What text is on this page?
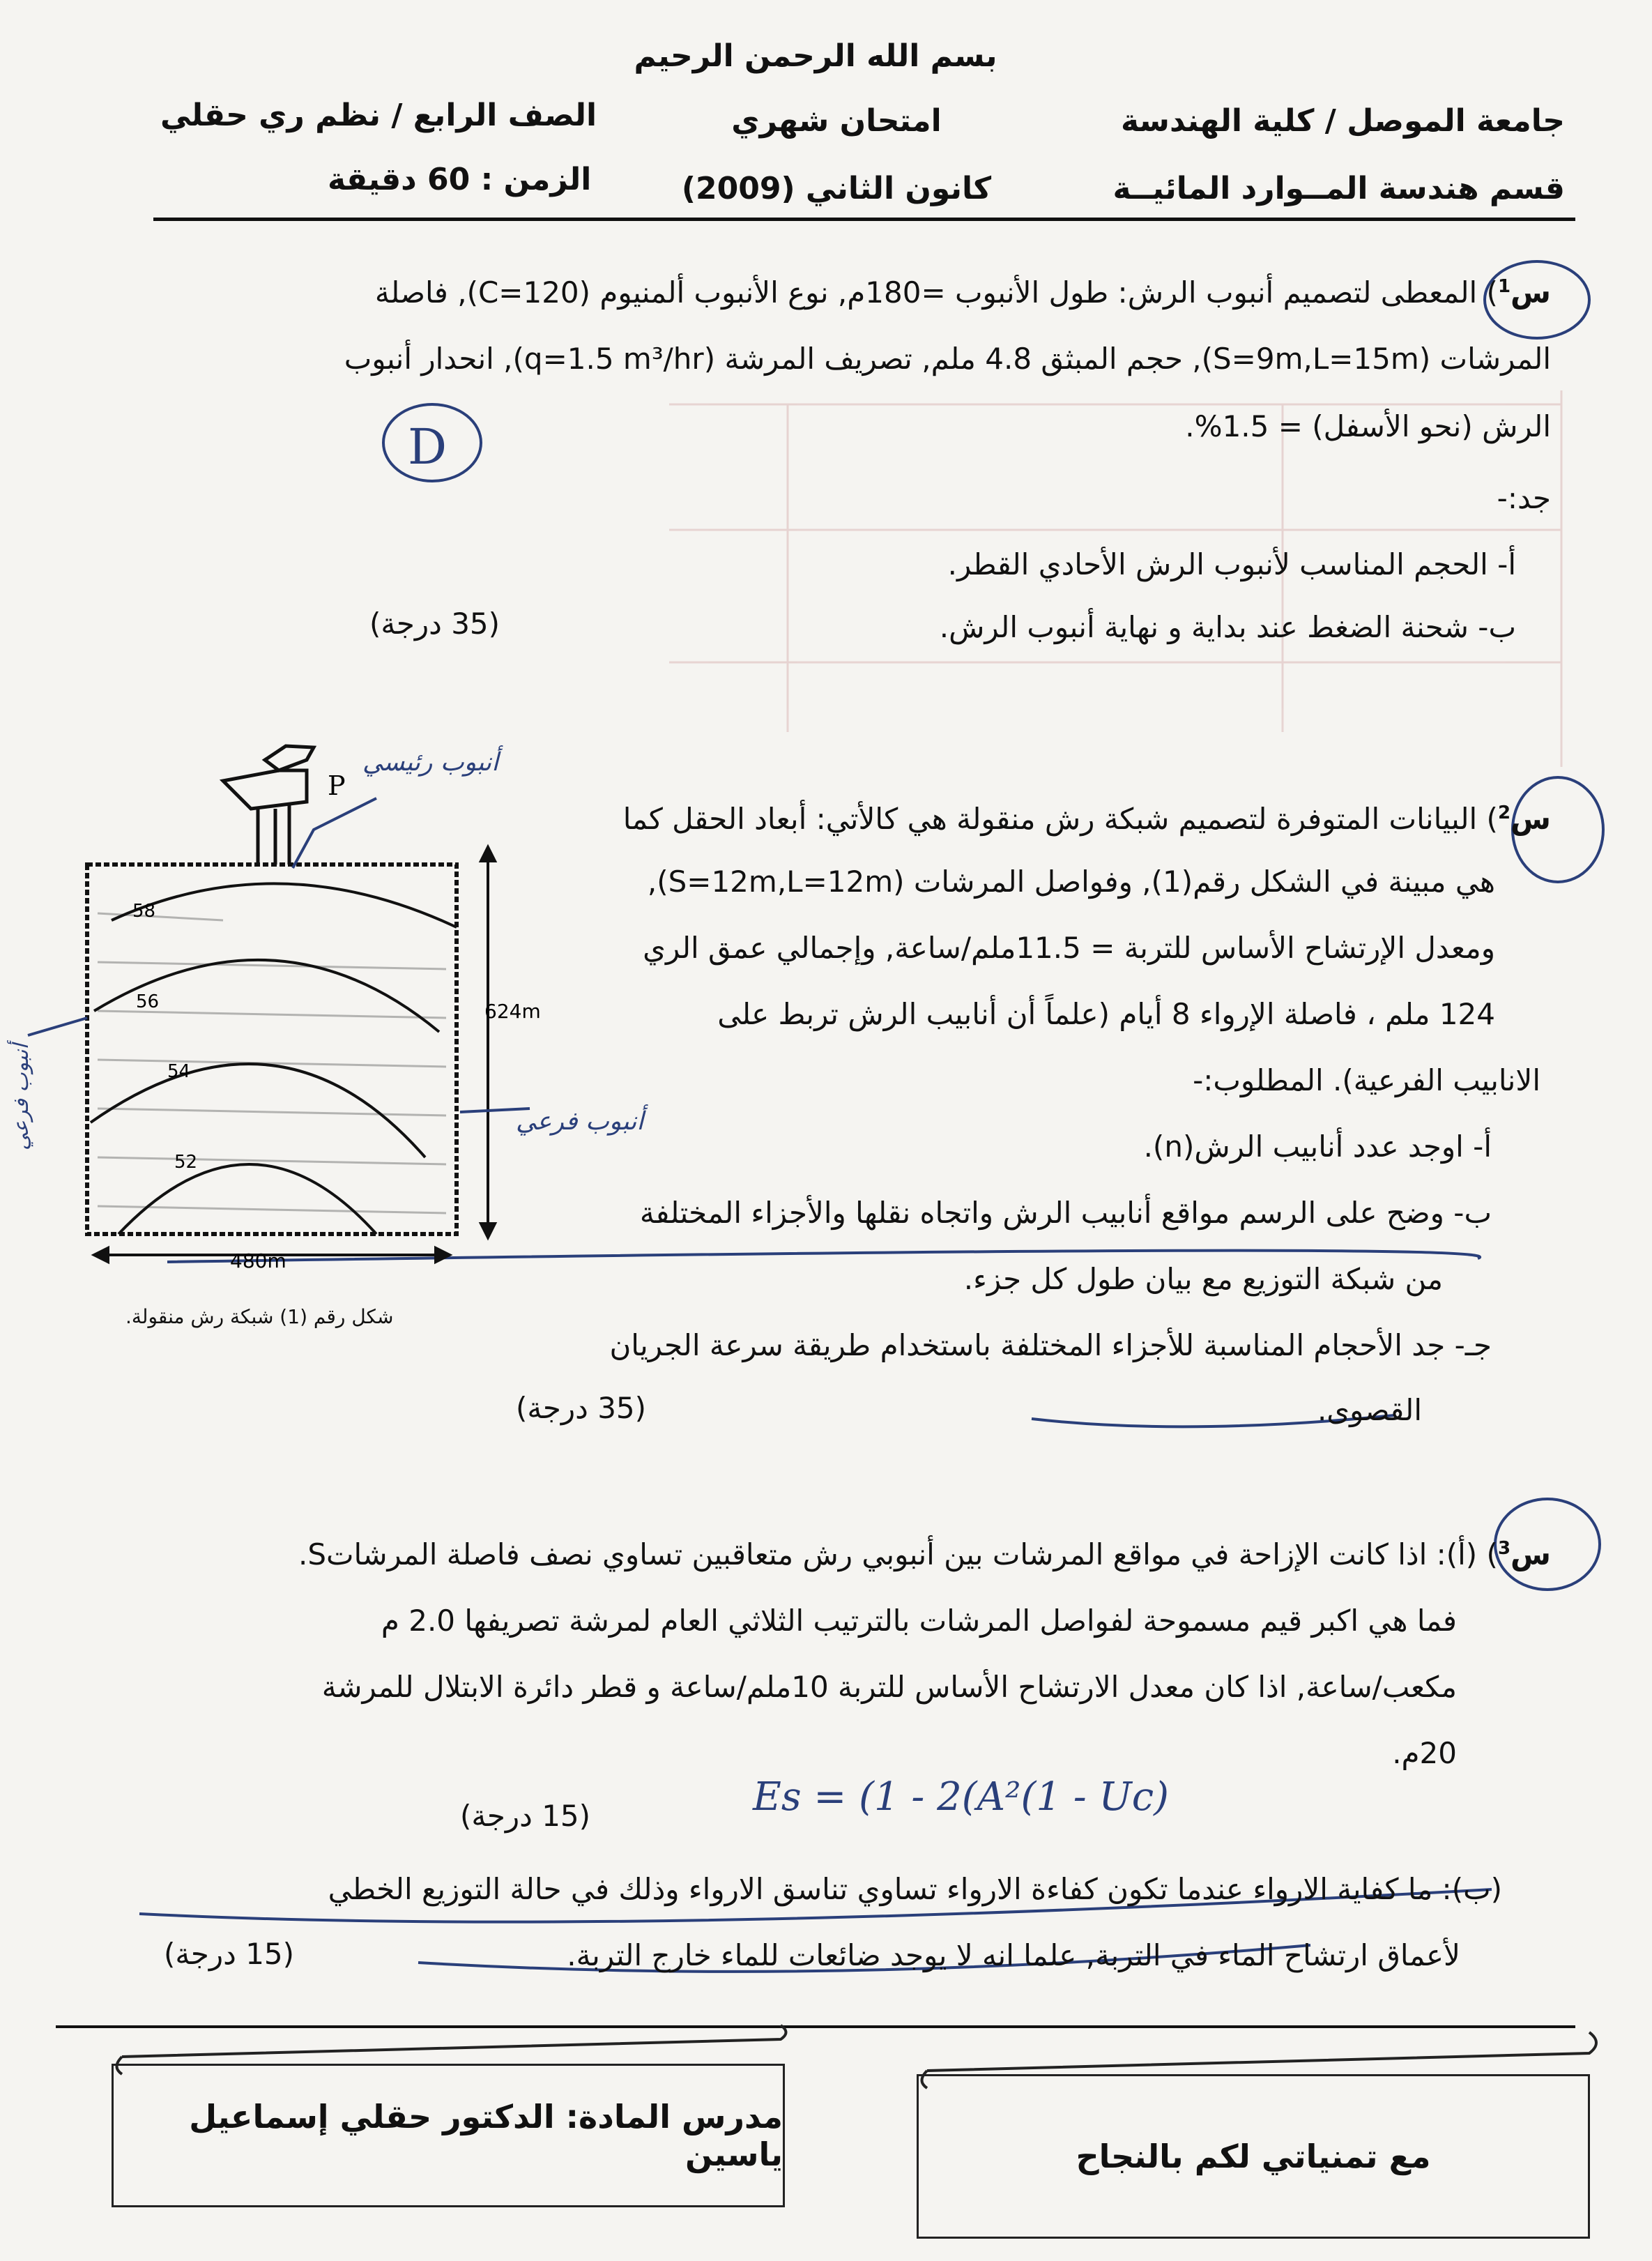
بسم الله الرحمن الرحيم
جامعة الموصل / كلية الهندسة
قسم هندسة المــوارد المائيــة
امتحان شهري
كانون الثاني (2009)
الصف الرابع / نظم ري حقلي
الزمن : 60 دقيقة
س$^1$) المعطى لتصميم أنبوب الرش: طول الأنبوب =180م, نوع الأنبوب ألمنيوم (C=120), فاصلة
المرشات (S=9m,L=15m), حجم المبثق 4.8 ملم, تصريف المرشة (q=1.5 m³/hr), انحدار أنبوب
الرش (نحو الأسفل) = 1.5%.
جد:-
أ- الحجم المناسب لأنبوب الرش الأحادي القطر.
ب- شحنة الضغط عند بداية و نهاية أنبوب الرش.
(35 درجة)
D
س$^2$) البيانات المتوفرة لتصميم شبكة رش منقولة هي كالأتي: أبعاد الحقل كما
هي مبينة في الشكل رقم(1), وفواصل المرشات (S=12m,L=12m),
ومعدل الإرتشاح الأساس للتربة = 11.5ملم/ساعة, وإجمالي عمق الري
124 ملم ، فاصلة الإرواء 8 أيام (علماً أن أنابيب الرش تربط على
الانابيب الفرعية). المطلوب:-
أ- اوجد عدد أنابيب الرش(n).
ب- وضح على الرسم مواقع أنابيب الرش واتجاه نقلها والأجزاء المختلفة
من شبكة التوزيع مع بيان طول كل جزء.
جـ- جد الأحجام المناسبة للأجزاء المختلفة باستخدام طريقة سرعة الجريان
القصوى.
(35 درجة)
P
58
56
54
52
624m
480m
أنبوب رئيسي
أنبوب فرعي
أنبوب فرعي
شكل رقم (1) شبكة رش منقولة.
س$^3$) (أ): اذا كانت الإزاحة في مواقع المرشات بين أنبوبي رش متعاقبين تساوي نصف فاصلة المرشاتS.
فما هي اكبر قيم مسموحة لفواصل المرشات بالترتيب الثلاثي العام لمرشة تصريفها 2.0 م
مكعب/ساعة, اذا كان معدل الارتشاح الأساس للتربة 10ملم/ساعة و قطر دائرة الابتلال للمرشة
20م.
(15 درجة)	Es = (1 - 2(A²(1 - Uc)
(ب): ما كفاية الارواء عندما تكون كفاءة الارواء تساوي تناسق الارواء وذلك في حالة التوزيع الخطي
لأعماق ارتشاح الماء في التربة, علما انه لا يوجد ضائعات للماء خارج التربة.
(15 درجة)
مدرس المادة: الدكتور حقلي إسماعيل ياسين	مع تمنياتي لكم بالنجاح
